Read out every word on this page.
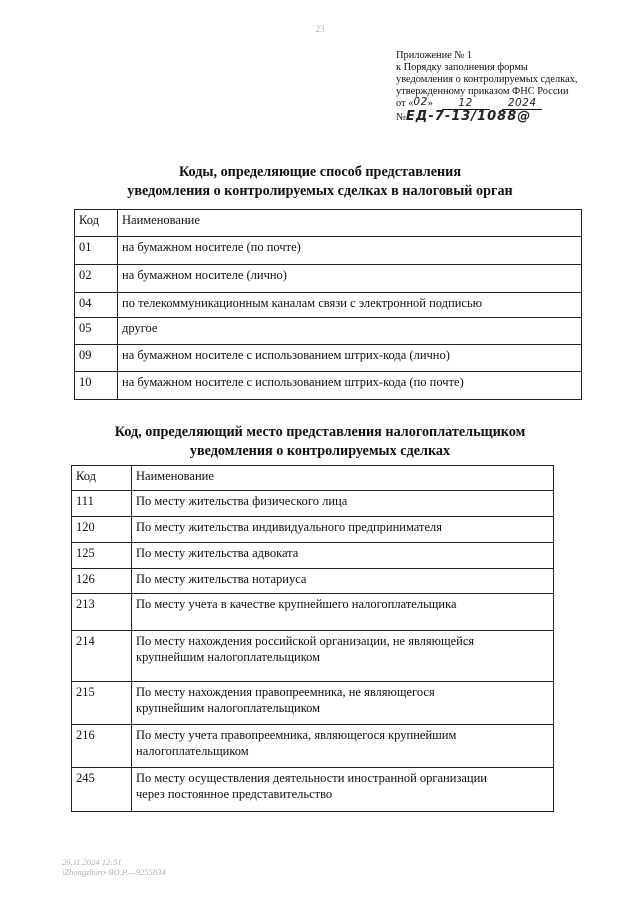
23
Приложение № 1
к Порядку заполнения формы
уведомления о контролируемых сделках,
утвержденному приказом ФНС России
от «02» 12	2024
№ЕД-7-13/1088@
Коды, определяющие способ представления
уведомления о контролируемых сделках в налоговый орган
Код	Наименование
01	на бумажном носителе (по почте)
02	на бумажном носителе (лично)
04	по телекоммуникационным каналам связи с электронной подписью
05	другое
09	на бумажном носителе с использованием штрих-кода (лично)
10	на бумажном носителе с использованием штрих-кода (по почте)
Код, определяющий место представления налогоплательщиком
уведомления о контролируемых сделках
Код	Наименование
111	По месту жительства физического лица
120	По месту жительства индивидуального предпринимателя
125	По месту жительства адвоката
126	По месту жительства нотариуса
213	По месту учета в качестве крупнейшего налогоплательщика
214	По месту нахождения российской организации, не являющейся
крупнейшим налогоплательщиком

215	По месту нахождения правопреемника, не являющегося
крупнейшим налогоплательщиком

216	По месту учета правопреемника, являющегося крупнейшим
налогоплательщиком

245	По месту осуществления деятельности иностранной организации
через постоянное представительство
29.11.2024 12:51
\Zhongzhuro-ЯО.Р.—9255834
